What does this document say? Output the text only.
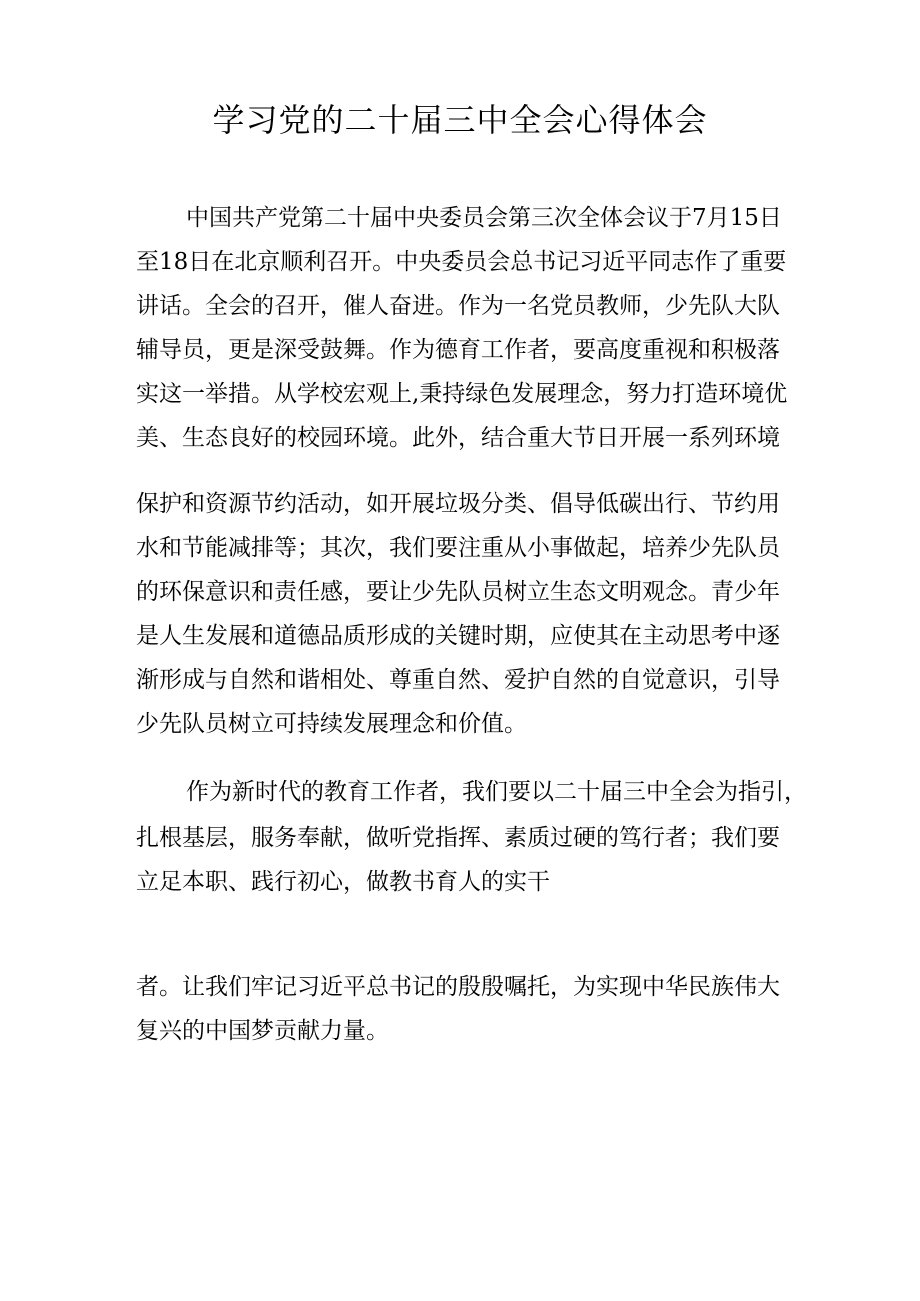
学习党的二十届三中全会心得体会
中国共产党第二十届中央委员会第三次全体会议于7月15日
至18日在北京顺利召开。中央委员会总书记习近平同志作了重要
讲话。全会的召开，催人奋进。作为一名党员教师，少先队大队
辅导员，更是深受鼓舞。作为德育工作者，要高度重视和积极落
实这一举措。从学校宏观上,秉持绿色发展理念，努力打造环境优
美、生态良好的校园环境。此外，结合重大节日开展一系列环境
保护和资源节约活动，如开展垃圾分类、倡导低碳出行、节约用
水和节能减排等；其次，我们要注重从小事做起，培养少先队员
的环保意识和责任感，要让少先队员树立生态文明观念。青少年
是人生发展和道德品质形成的关键时期，应使其在主动思考中逐
渐形成与自然和谐相处、尊重自然、爱护自然的自觉意识，引导
少先队员树立可持续发展理念和价值。
作为新时代的教育工作者，我们要以二十届三中全会为指引，
扎根基层，服务奉献，做听党指挥、素质过硬的笃行者；我们要
立足本职、践行初心，做教书育人的实干
者。让我们牢记习近平总书记的殷殷嘱托，为实现中华民族伟大
复兴的中国梦贡献力量。
